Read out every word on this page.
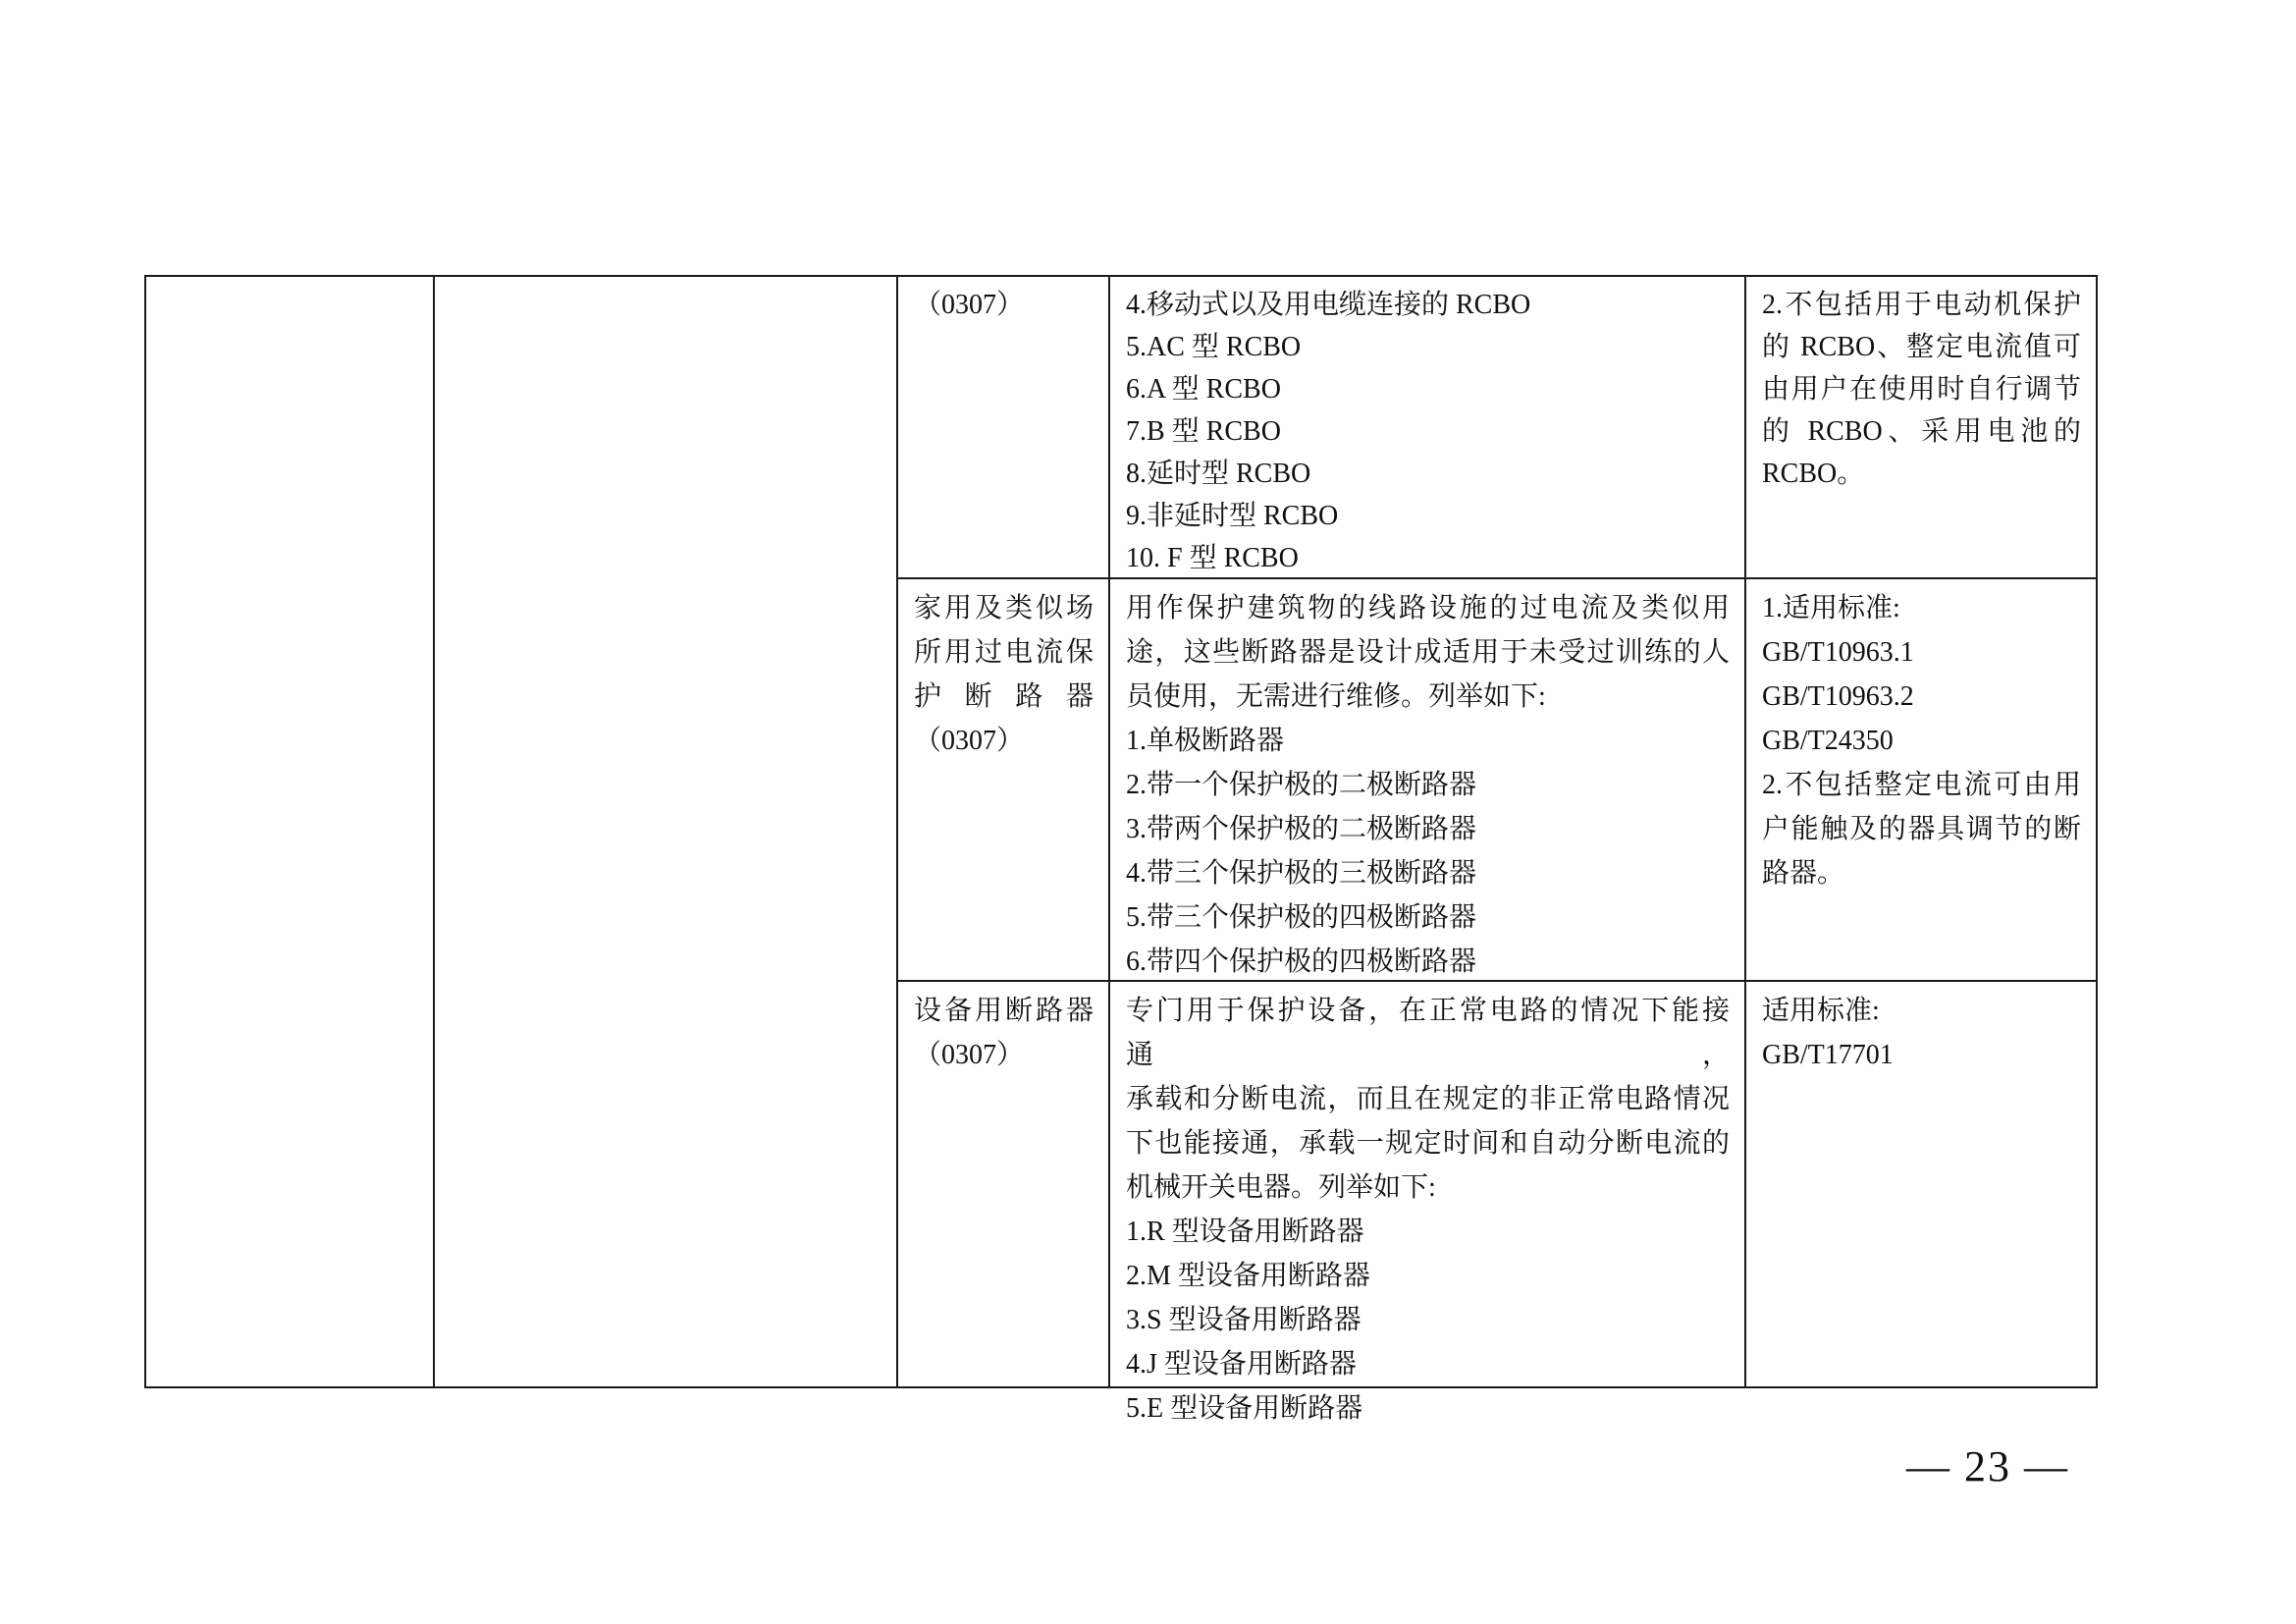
（0307）	4.移动式以及用电缆连接的 RCBO
5.AC 型 RCBO
6.A 型 RCBO
7.B 型 RCBO
8.延时型 RCBO
9.非延时型 RCBO
10. F 型 RCBO
2.不包括用于电动机保护
的 RCBO、整定电流值可
由用户在使用时自行调节
的 RCBO、采用电池的
RCBO。
家用及类似场
所用过电流保
护断路器
（0307）
用作保护建筑物的线路设施的过电流及类似用
途，这些断路器是设计成适用于未受过训练的人
员使用，无需进行维修。列举如下:
1.单极断路器
2.带一个保护极的二极断路器
3.带两个保护极的二极断路器
4.带三个保护极的三极断路器
5.带三个保护极的四极断路器
6.带四个保护极的四极断路器
1.适用标准:
GB/T10963.1
GB/T10963.2
GB/T24350
2.不包括整定电流可由用
户能触及的器具调节的断
路器。
设备用断路器
（0307）
专门用于保护设备，在正常电路的情况下能接通，
承载和分断电流，而且在规定的非正常电路情况
下也能接通，承载一规定时间和自动分断电流的
机械开关电器。列举如下:
1.R 型设备用断路器
2.M 型设备用断路器
3.S 型设备用断路器
4.J 型设备用断路器
5.E 型设备用断路器
适用标准:
GB/T17701
— 23 —
